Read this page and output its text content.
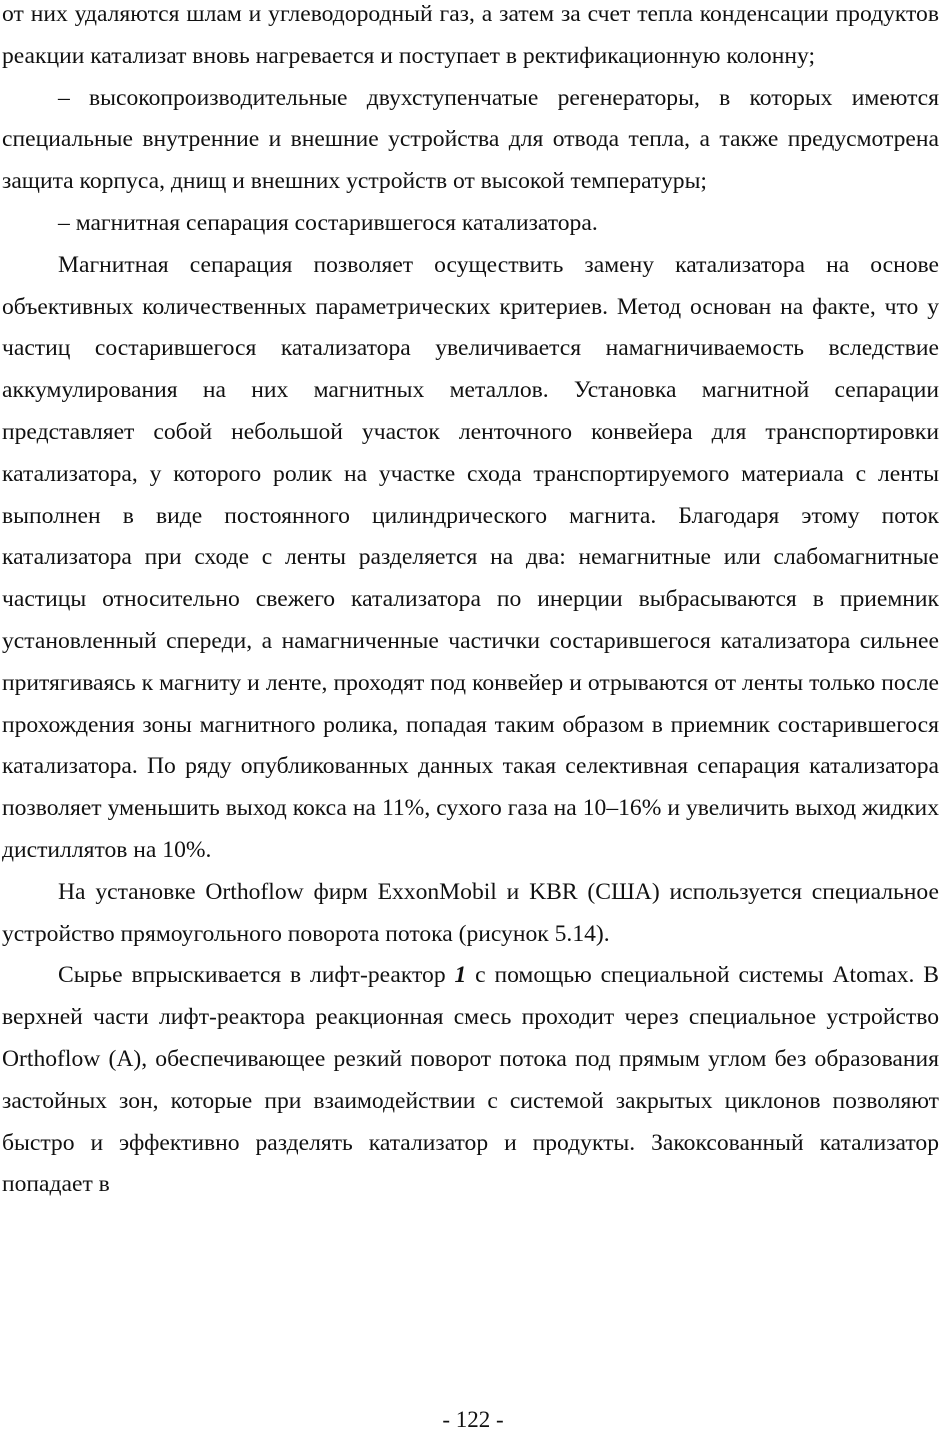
от них удаляются шлам и углеводородный газ, а затем за счет тепла конденсации продуктов реакции катализат вновь нагревается и поступает в ректификационную колонну;

– высокопроизводительные двухступенчатые регенераторы, в которых имеются специальные внутренние и внешние устройства для отвода тепла, а также предусмотрена защита корпуса, днищ и внешних устройств от высокой температуры;

– магнитная сепарация состарившегося катализатора.

Магнитная сепарация позволяет осуществить замену катализатора на основе объективных количественных параметрических критериев. Метод основан на факте, что у частиц состарившегося катализатора увеличивается намагничиваемость вследствие аккумулирования на них магнитных металлов. Установка магнитной сепарации представляет собой небольшой участок ленточного конвейера для транспортировки катализатора, у которого ролик на участке схода транспортируемого материала с ленты выполнен в виде постоянного цилиндрического магнита. Благодаря этому поток катализатора при сходе с ленты разделяется на два: немагнитные или слабомагнитные частицы относительно свежего катализатора по инерции выбрасываются в приемник установленный спереди, а намагниченные частички состарившегося катализатора сильнее притягиваясь к магниту и ленте, проходят под конвейер и отрываются от ленты только после прохождения зоны магнитного ролика, попадая таким образом в приемник состарившегося катализатора. По ряду опубликованных данных такая селективная сепарация катализатора позволяет уменьшить выход кокса на 11%, сухого газа на 10–16% и увеличить выход жидких дистиллятов на 10%.

На установке Orthoflow фирм ExxonMobil и KBR (США) используется специальное устройство прямоугольного поворота потока (рисунок 5.14).

Сырье впрыскивается в лифт-реактор 1 с помощью специальной системы Atomax. В верхней части лифт-реактора реакционная смесь проходит через специальное устройство Orthoflow (А), обеспечивающее резкий поворот потока под прямым углом без образования застойных зон, которые при взаимодействии с системой закрытых циклонов позволяют быстро и эффективно разделять катализатор и продукты. Закоксованный катализатор попадает в

- 122 -
